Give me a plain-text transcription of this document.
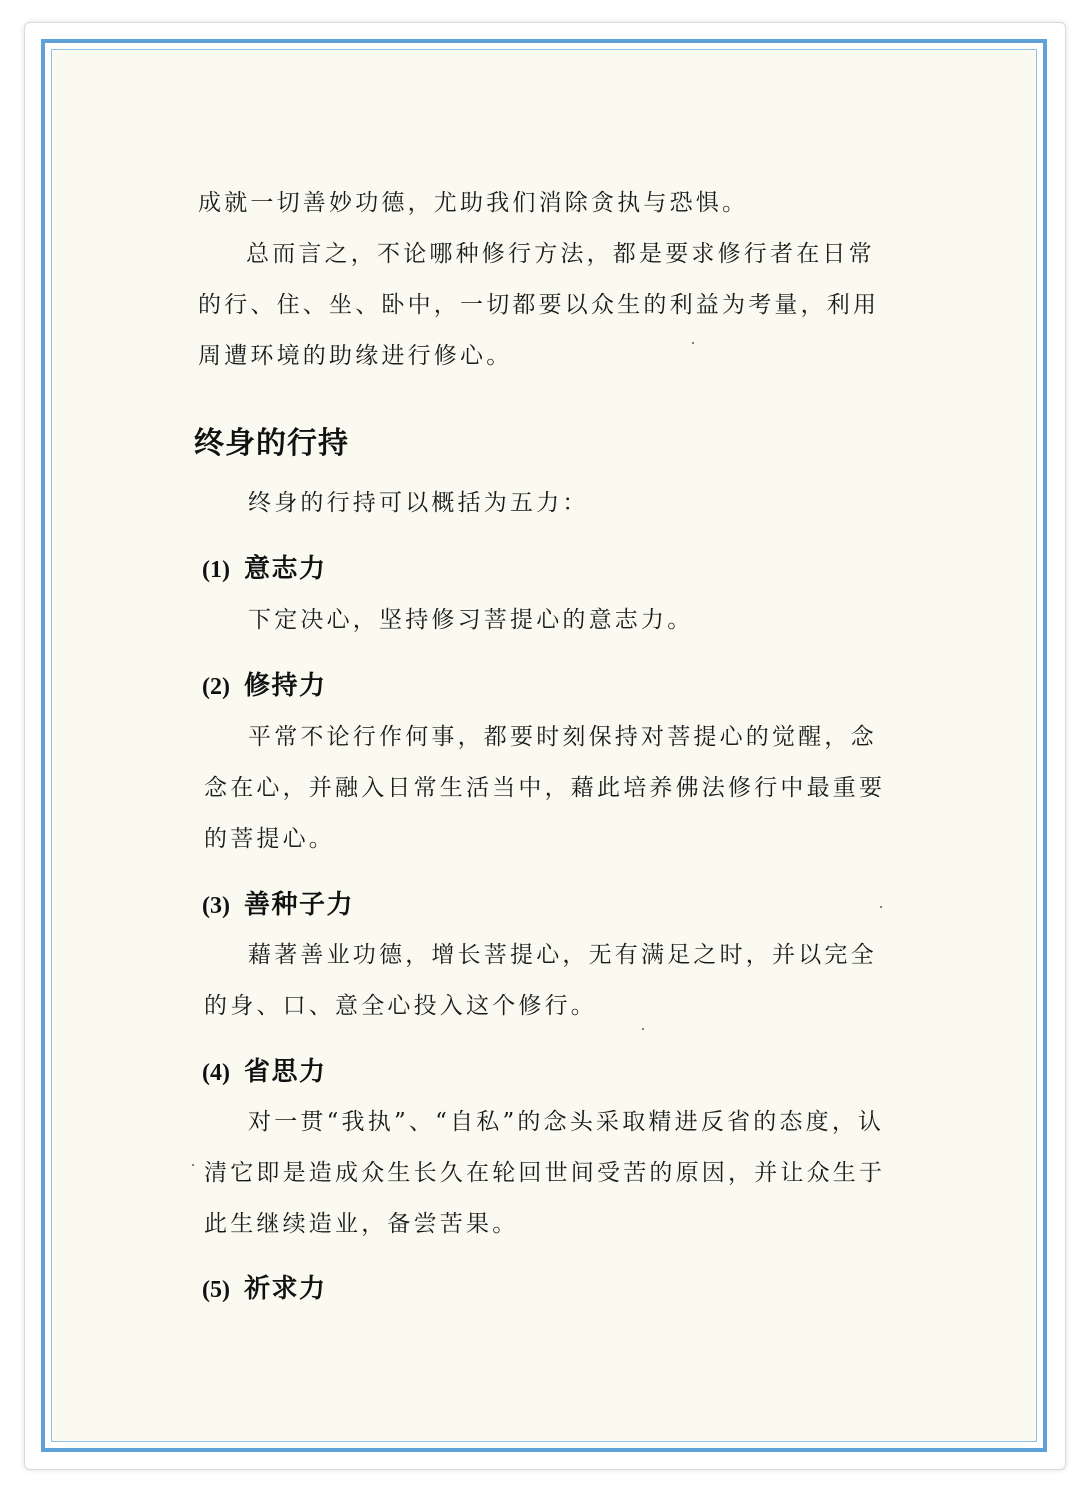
成就一切善妙功德，尤助我们消除贪执与恐惧。

总而言之，不论哪种修行方法，都是要求修行者在日常的行、住、坐、卧中，一切都要以众生的利益为考量，利用周遭环境的助缘进行修心。

终身的行持

终身的行持可以概括为五力：

(1) 意志力

下定决心，坚持修习菩提心的意志力。

(2) 修持力

平常不论行作何事，都要时刻保持对菩提心的觉醒，念念在心，并融入日常生活当中，藉此培养佛法修行中最重要的菩提心。

(3) 善种子力

藉著善业功德，增长菩提心，无有满足之时，并以完全的身、口、意全心投入这个修行。

(4) 省思力

对一贯“我执”、“自私”的念头采取精进反省的态度，认清它即是造成众生长久在轮回世间受苦的原因，并让众生于此生继续造业，备尝苦果。

(5) 祈求力
